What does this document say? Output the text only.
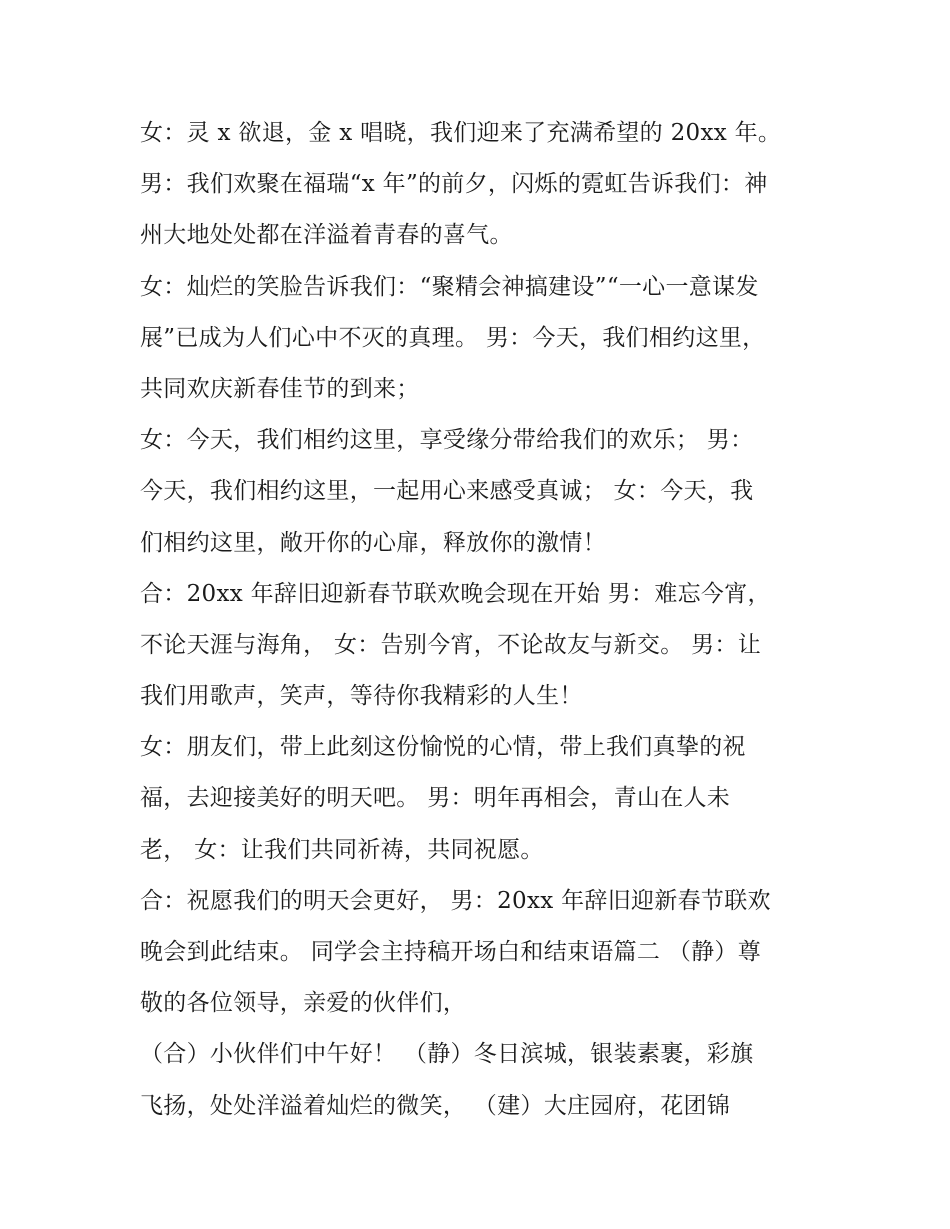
女：灵 x 欲退，金 x 唱晓，我们迎来了充满希望的 20xx 年。
男：我们欢聚在福瑞“x 年”的前夕，闪烁的霓虹告诉我们：神
州大地处处都在洋溢着青春的喜气。
女：灿烂的笑脸告诉我们：“聚精会神搞建设”“一心一意谋发
展”已成为人们心中不灭的真理。 男：今天，我们相约这里，
共同欢庆新春佳节的到来；
女：今天，我们相约这里，享受缘分带给我们的欢乐； 男：
今天，我们相约这里，一起用心来感受真诚； 女：今天，我
们相约这里，敞开你的心扉，释放你的激情！
合：20xx 年辞旧迎新春节联欢晚会现在开始 男：难忘今宵，
不论天涯与海角， 女：告别今宵，不论故友与新交。 男：让
我们用歌声，笑声，等待你我精彩的人生！
女：朋友们，带上此刻这份愉悦的心情，带上我们真挚的祝
福，去迎接美好的明天吧。 男：明年再相会，青山在人未
老， 女：让我们共同祈祷，共同祝愿。
合：祝愿我们的明天会更好， 男：20xx 年辞旧迎新春节联欢
晚会到此结束。 同学会主持稿开场白和结束语篇二 （静）尊
敬的各位领导，亲爱的伙伴们，
（合）小伙伴们中午好！ （静）冬日滨城，银装素裹，彩旗
飞扬，处处洋溢着灿烂的微笑， （建）大庄园府，花团锦
